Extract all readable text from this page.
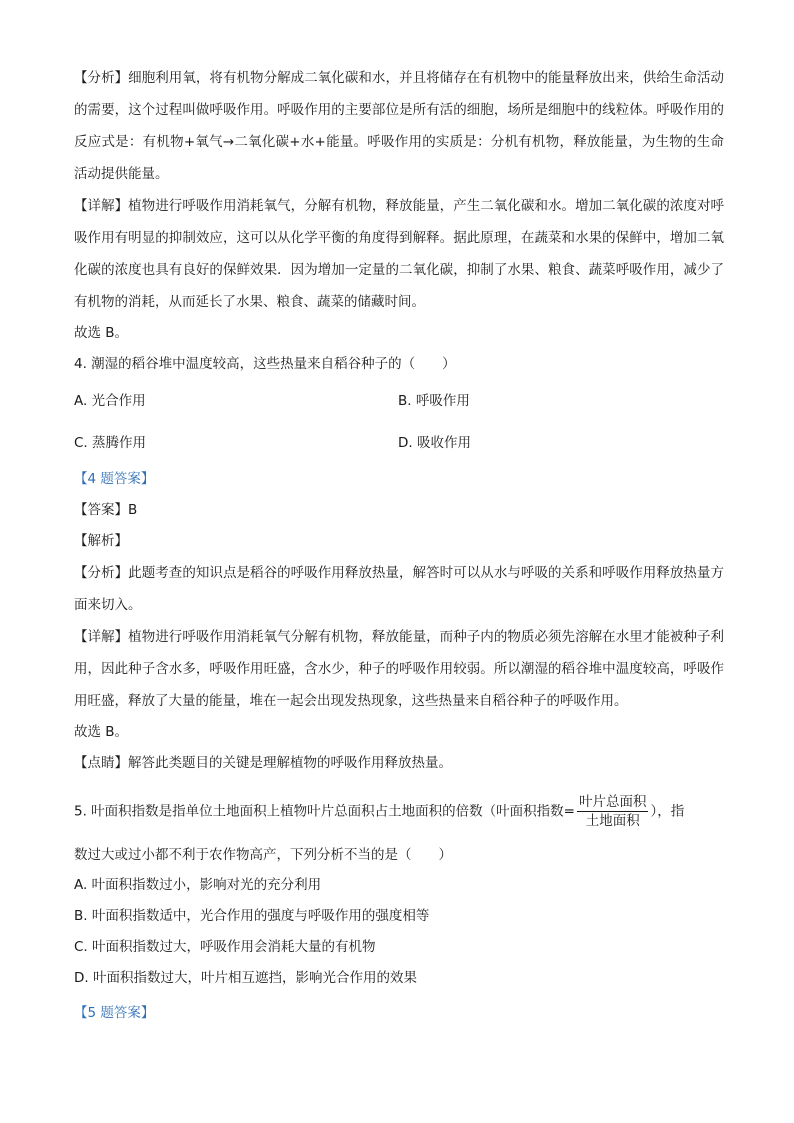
【分析】细胞利用氧，将有机物分解成二氧化碳和水，并且将储存在有机物中的能量释放出来，供给生命活动的需要，这个过程叫做呼吸作用。呼吸作用的主要部位是所有活的细胞，场所是细胞中的线粒体。呼吸作用的反应式是：有机物+氧气→二氧化碳+水+能量。呼吸作用的实质是：分机有机物，释放能量，为生物的生命活动提供能量。

【详解】植物进行呼吸作用消耗氧气，分解有机物，释放能量，产生二氧化碳和水。增加二氧化碳的浓度对呼吸作用有明显的抑制效应，这可以从化学平衡的角度得到解释。据此原理，在蔬菜和水果的保鲜中，增加二氧化碳的浓度也具有良好的保鲜效果．因为增加一定量的二氧化碳，抑制了水果、粮食、蔬菜呼吸作用，减少了有机物的消耗，从而延长了水果、粮食、蔬菜的储藏时间。

故选 B。

4. 潮湿的稻谷堆中温度较高，这些热量来自稻谷种子的（　　）

A. 光合作用	B. 呼吸作用
C. 蒸腾作用	D. 吸收作用

【4 题答案】

【答案】B

【解析】

【分析】此题考查的知识点是稻谷的呼吸作用释放热量，解答时可以从水与呼吸的关系和呼吸作用释放热量方面来切入。

【详解】植物进行呼吸作用消耗氧气分解有机物，释放能量，而种子内的物质必须先溶解在水里才能被种子利用，因此种子含水多，呼吸作用旺盛，含水少，种子的呼吸作用较弱。所以潮湿的稻谷堆中温度较高，呼吸作用旺盛，释放了大量的能量，堆在一起会出现发热现象，这些热量来自稻谷种子的呼吸作用。

故选 B。

【点睛】解答此类题目的关键是理解植物的呼吸作用释放热量。

5. 叶面积指数是指单位土地面积上植物叶片总面积占土地面积的倍数（叶面积指数= $\frac{\text{叶片总面积}}{\text{土地面积}}$ ），指

数过大或过小都不利于农作物高产，下列分析不当的是（　　）

A. 叶面积指数过小，影响对光的充分利用

B. 叶面积指数适中，光合作用的强度与呼吸作用的强度相等

C. 叶面积指数过大，呼吸作用会消耗大量的有机物

D. 叶面积指数过大，叶片相互遮挡，影响光合作用的效果

【5 题答案】
